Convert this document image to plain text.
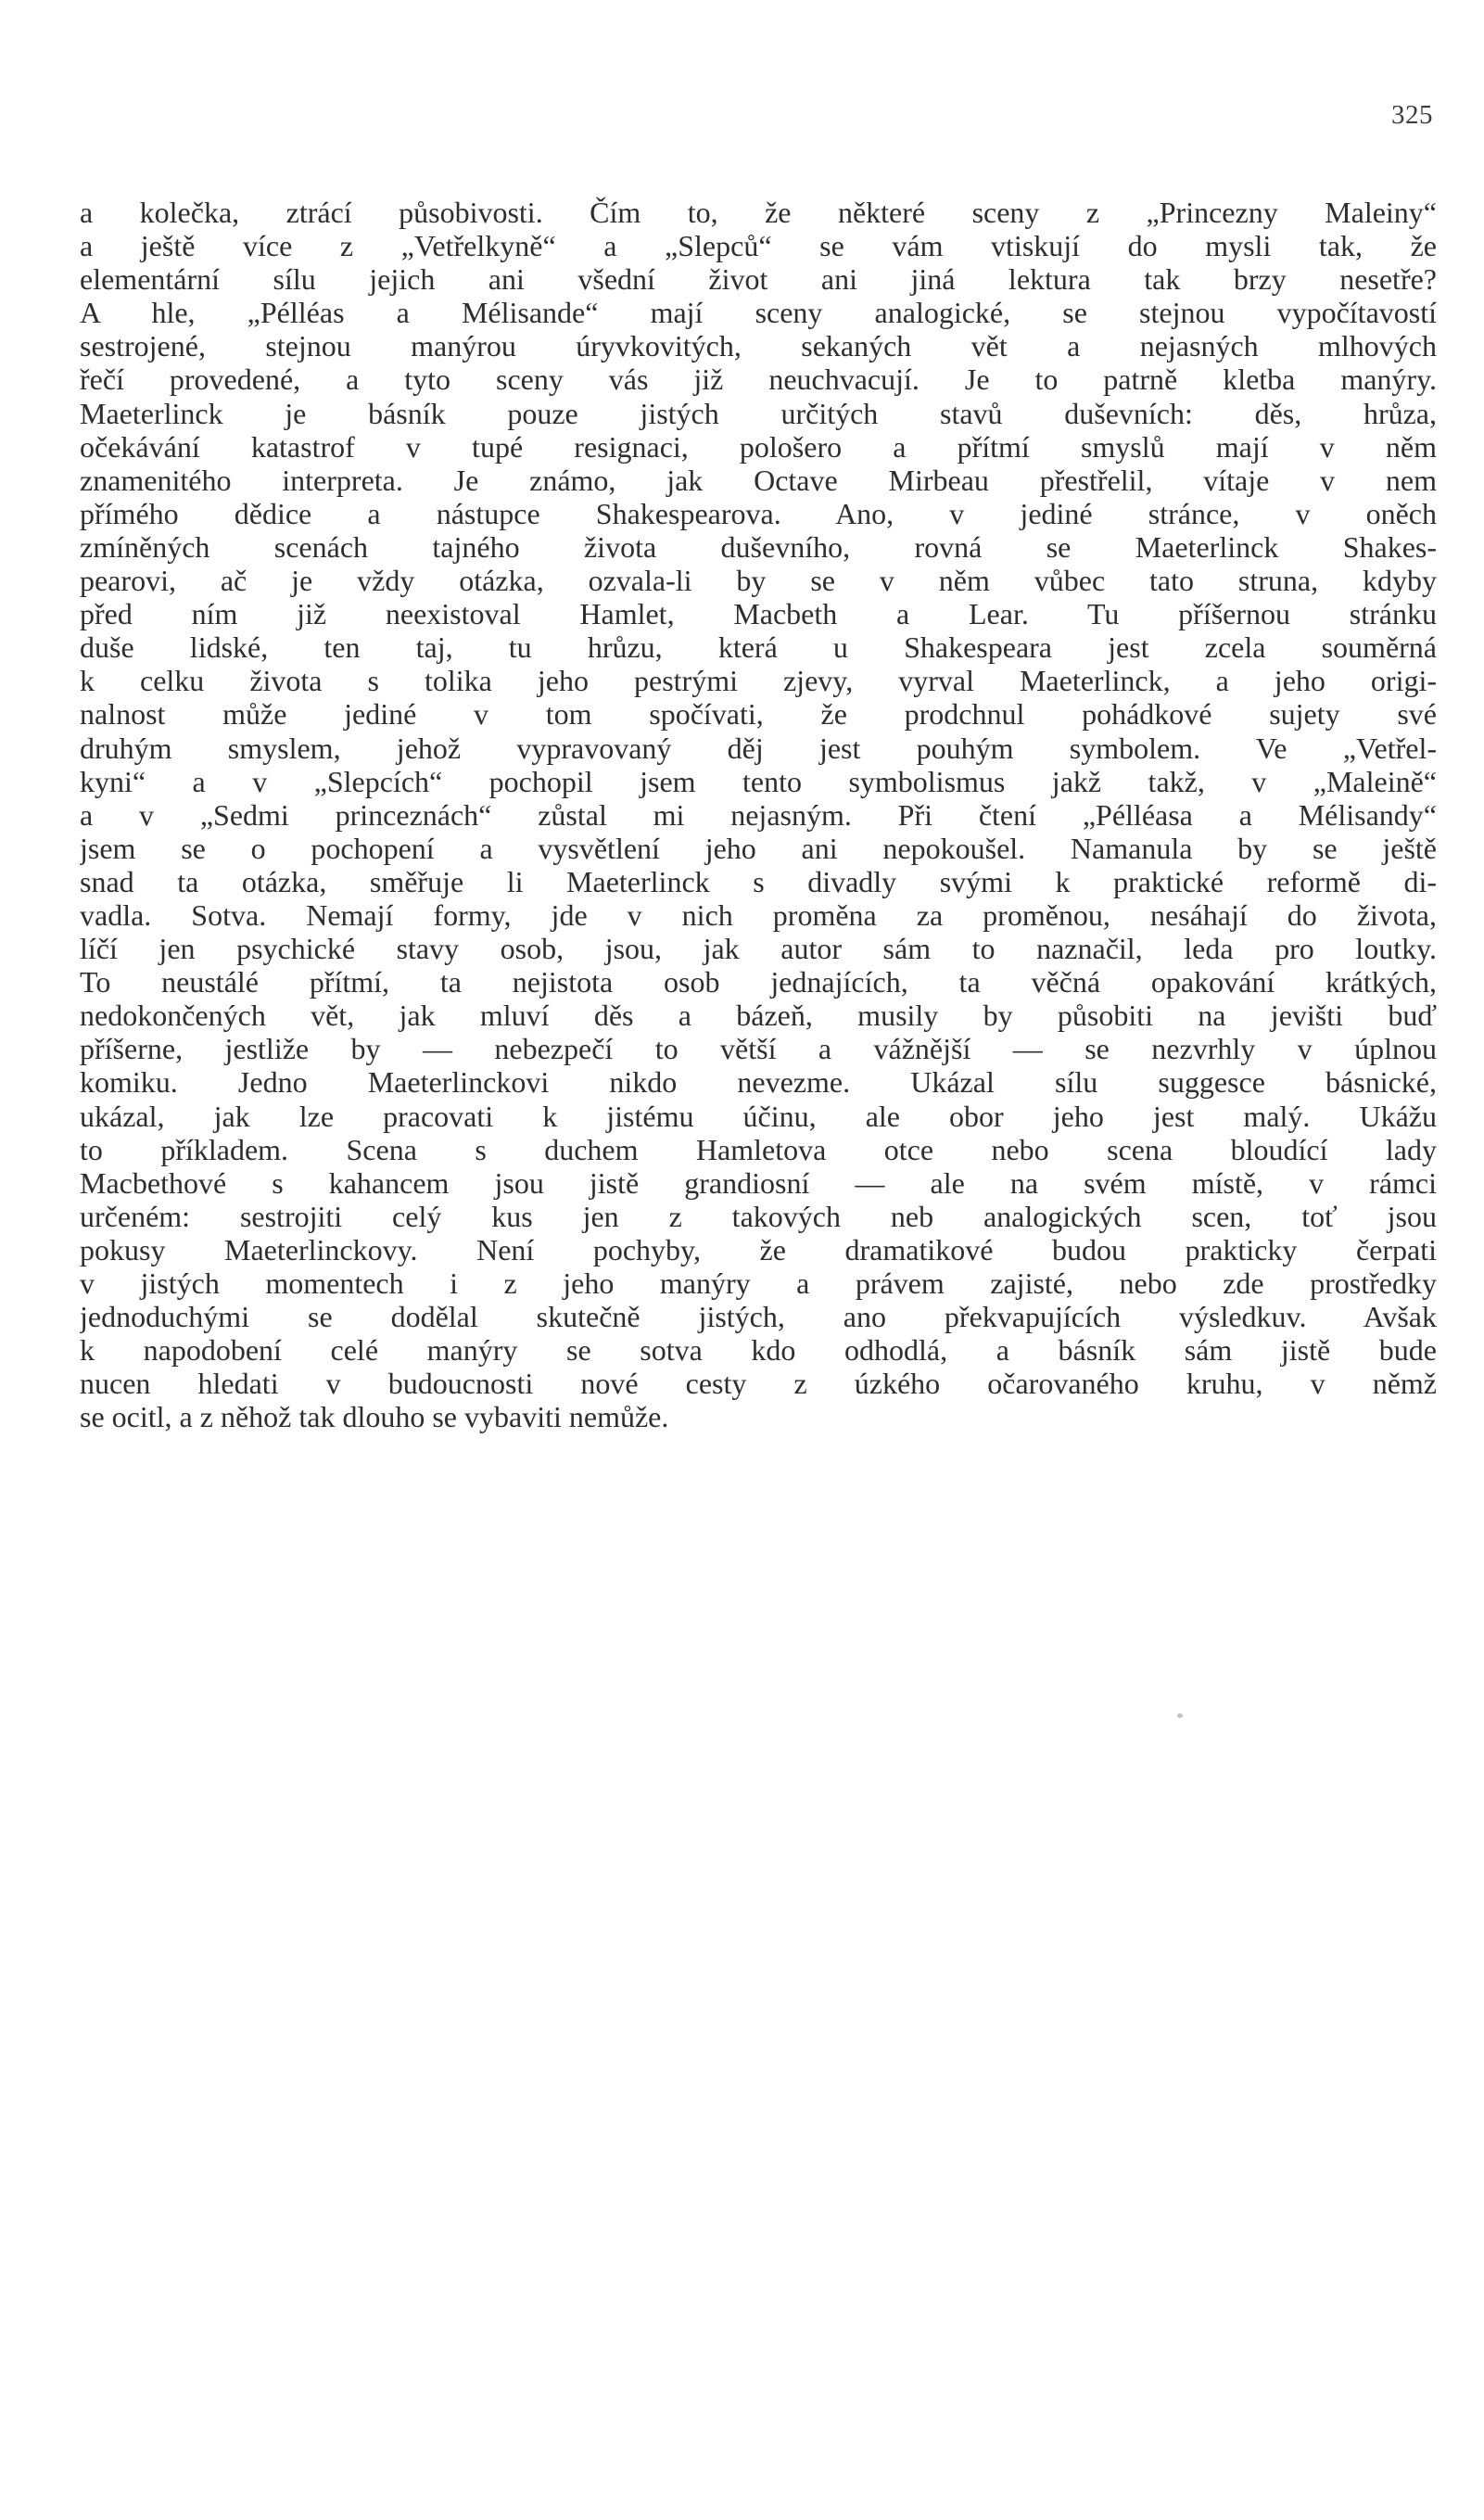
325
a kolečka, ztrácí působivosti. Čím to, že některé sceny z „Princezny Maleiny“
a ještě více z „Vetřelkyně“ a „Slepců“ se vám vtiskují do mysli tak, že
elementární sílu jejich ani všední život ani jiná lektura tak brzy nesetře?
A hle, „Pélléas a Mélisande“ mají sceny analogické, se stejnou vypočítavostí
sestrojené, stejnou manýrou úryvkovitých, sekaných vět a nejasných mlhových
řečí provedené, a tyto sceny vás již neuchvacují. Je to patrně kletba manýry.
Maeterlinck je básník pouze jistých určitých stavů duševních: děs, hrůza,
očekávání katastrof v tupé resignaci, pološero a přítmí smyslů mají v něm
znamenitého interpreta. Je známo, jak Octave Mirbeau přestřelil, vítaje v nem
přímého dědice a nástupce Shakespearova. Ano, v jediné stránce, v oněch
zmíněných scenách tajného života duševního, rovná se Maeterlinck Shakes-
pearovi, ač je vždy otázka, ozvala-li by se v něm vůbec tato struna, kdyby
před ním již neexistoval Hamlet, Macbeth a Lear. Tu příšernou stránku
duše lidské, ten taj, tu hrůzu, která u Shakespeara jest zcela souměrná
k celku života s tolika jeho pestrými zjevy, vyrval Maeterlinck, a jeho origi-
nalnost může jediné v tom spočívati, že prodchnul pohádkové sujety své
druhým smyslem, jehož vypravovaný děj jest pouhým symbolem. Ve „Vetřel-
kyni“ a v „Slepcích“ pochopil jsem tento symbolismus jakž takž, v „Maleině“
a v „Sedmi princeznách“ zůstal mi nejasným. Při čtení „Pélléasa a Mélisandy“
jsem se o pochopení a vysvětlení jeho ani nepokoušel. Namanula by se ještě
snad ta otázka, směřuje li Maeterlinck s divadly svými k praktické reformě di-
vadla. Sotva. Nemají formy, jde v nich proměna za proměnou, nesáhají do života,
líčí jen psychické stavy osob, jsou, jak autor sám to naznačil, leda pro loutky.
To neustálé přítmí, ta nejistota osob jednajících, ta věčná opakování krátkých,
nedokončených vět, jak mluví děs a bázeň, musily by působiti na jevišti buď
příšerne, jestliže by — nebezpečí to větší a vážnější — se nezvrhly v úplnou
komiku. Jedno Maeterlinckovi nikdo nevezme. Ukázal sílu suggesce básnické,
ukázal, jak lze pracovati k jistému účinu, ale obor jeho jest malý. Ukážu
to příkladem. Scena s duchem Hamletova otce nebo scena bloudící lady
Macbethové s kahancem jsou jistě grandiosní — ale na svém místě, v rámci
určeném: sestrojiti celý kus jen z takových neb analogických scen, toť jsou
pokusy Maeterlinckovy. Není pochyby, že dramatikové budou prakticky čerpati
v jistých momentech i z jeho manýry a právem zajisté, nebo zde prostředky
jednoduchými se dodělal skutečně jistých, ano překvapujících výsledkuv. Avšak
k napodobení celé manýry se sotva kdo odhodlá, a básník sám jistě bude
nucen hledati v budoucnosti nové cesty z úzkého očarovaného kruhu, v němž
se ocitl, a z něhož tak dlouho se vybaviti nemůže.
